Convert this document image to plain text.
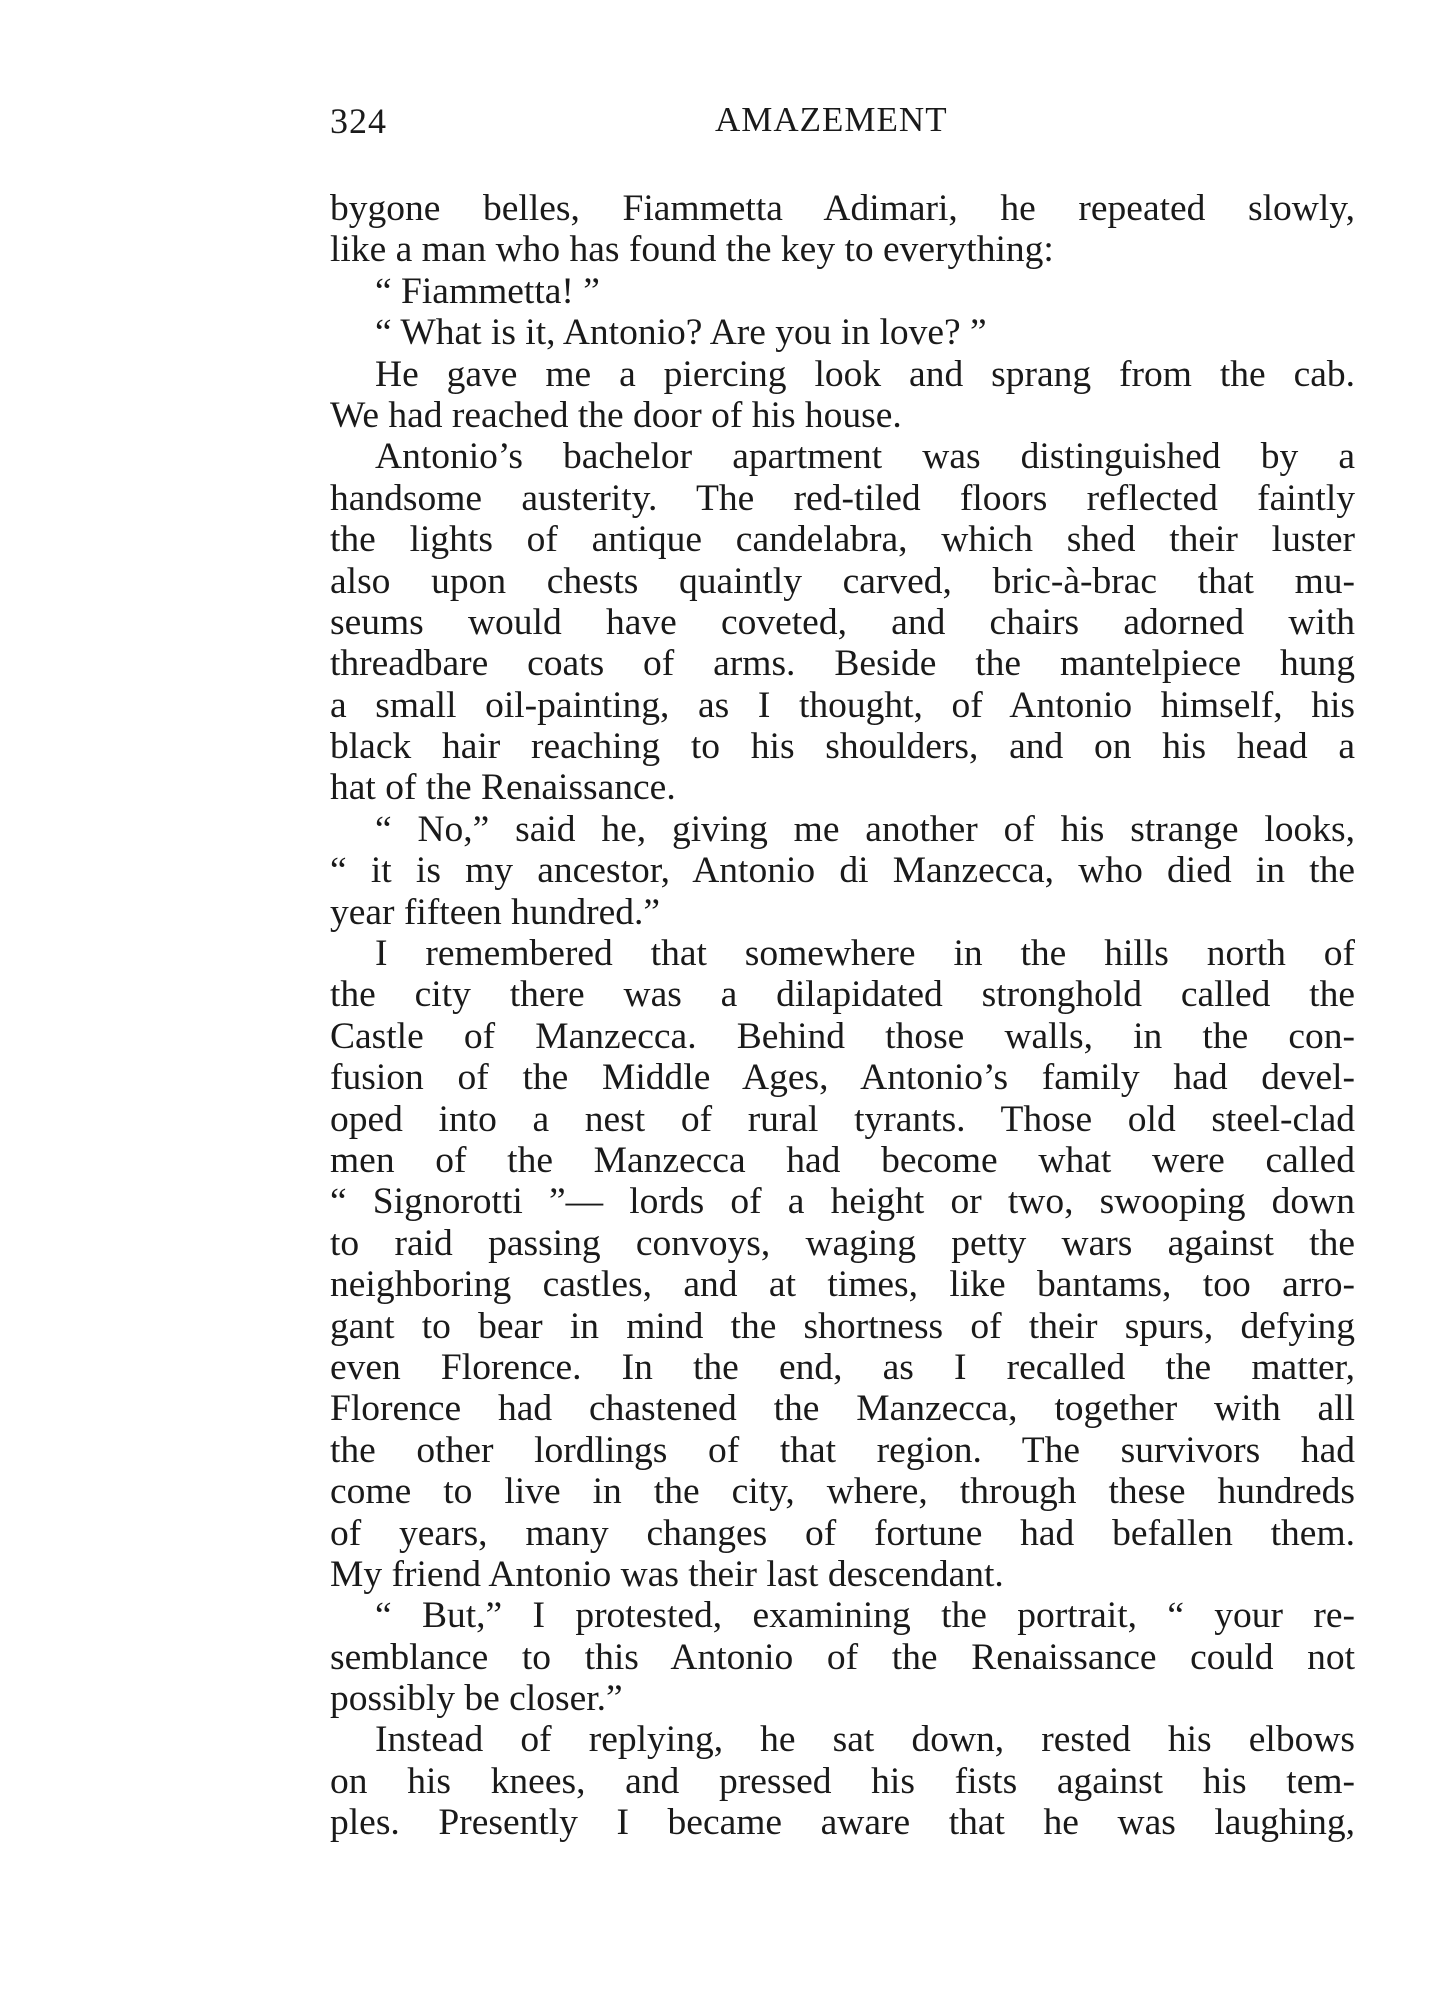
324	AMAZEMENT
bygone belles, Fiammetta Adimari, he repeated slowly,
like a man who has found the key to everything:
“ Fiammetta! ”
“ What is it, Antonio? Are you in love? ”
He gave me a piercing look and sprang from the cab.
We had reached the door of his house.
Antonio’s bachelor apartment was distinguished by a
handsome austerity. The red-tiled floors reflected faintly
the lights of antique candelabra, which shed their luster
also upon chests quaintly carved, bric-à-brac that mu-
seums would have coveted, and chairs adorned with
threadbare coats of arms. Beside the mantelpiece hung
a small oil-painting, as I thought, of Antonio himself, his
black hair reaching to his shoulders, and on his head a
hat of the Renaissance.
“ No,” said he, giving me another of his strange looks,
“ it is my ancestor, Antonio di Manzecca, who died in the
year fifteen hundred.”
I remembered that somewhere in the hills north of
the city there was a dilapidated stronghold called the
Castle of Manzecca. Behind those walls, in the con-
fusion of the Middle Ages, Antonio’s family had devel-
oped into a nest of rural tyrants. Those old steel-clad
men of the Manzecca had become what were called
“ Signorotti ”— lords of a height or two, swooping down
to raid passing convoys, waging petty wars against the
neighboring castles, and at times, like bantams, too arro-
gant to bear in mind the shortness of their spurs, defying
even Florence. In the end, as I recalled the matter,
Florence had chastened the Manzecca, together with all
the other lordlings of that region. The survivors had
come to live in the city, where, through these hundreds
of years, many changes of fortune had befallen them.
My friend Antonio was their last descendant.
“ But,” I protested, examining the portrait, “ your re-
semblance to this Antonio of the Renaissance could not
possibly be closer.”
Instead of replying, he sat down, rested his elbows
on his knees, and pressed his fists against his tem-
ples. Presently I became aware that he was laughing,
